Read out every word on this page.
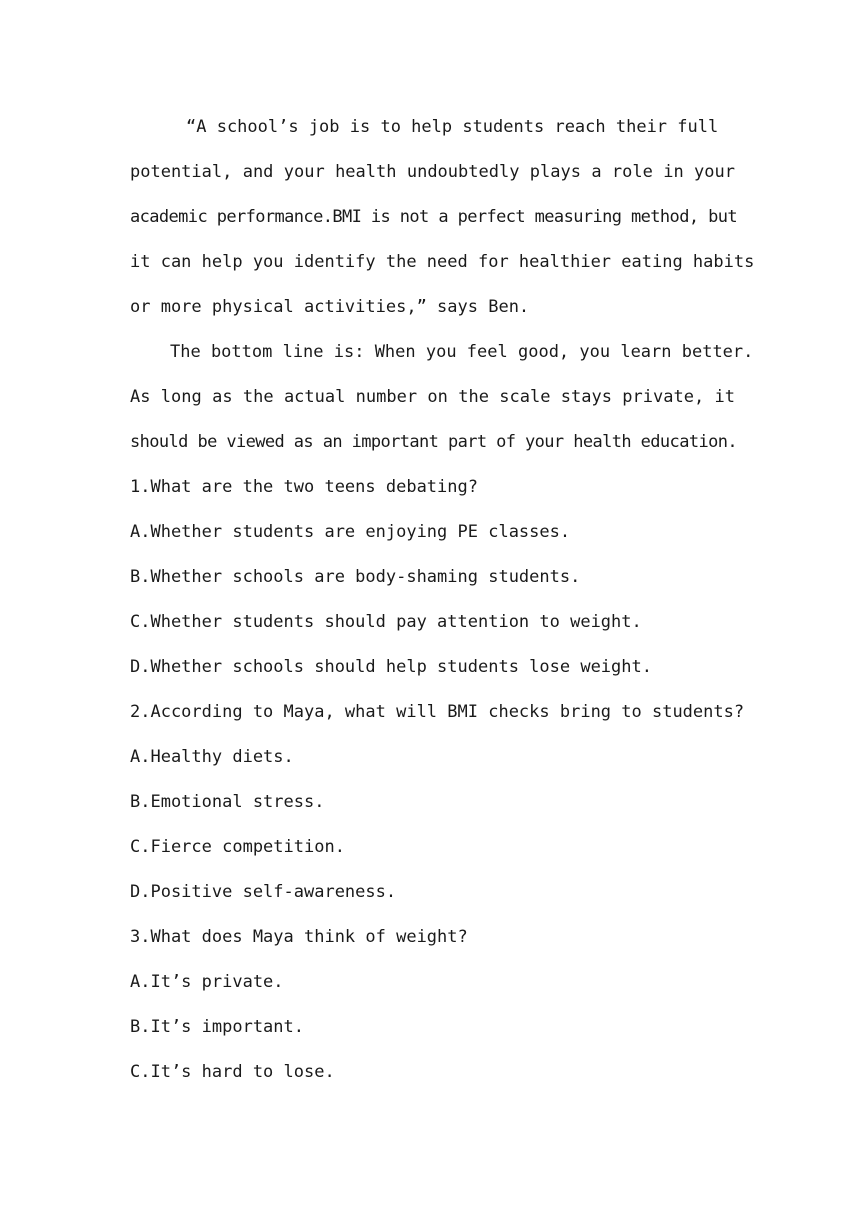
“A school’s job is to help students reach their full
potential, and your health undoubtedly plays a role in your
academic performance.BMI is not a perfect measuring method, but
it can help you identify the need for healthier eating habits
or more physical activities,” says Ben.
The bottom line is: When you feel good, you learn better.
As long as the actual number on the scale stays private, it
should be viewed as an important part of your health education.
1.What are the two teens debating?
A.Whether students are enjoying PE classes.
B.Whether schools are body-shaming students.
C.Whether students should pay attention to weight.
D.Whether schools should help students lose weight.
2.According to Maya, what will BMI checks bring to students?
A.Healthy diets.
B.Emotional stress.
C.Fierce competition.
D.Positive self-awareness.
3.What does Maya think of weight?
A.It’s private.
B.It’s important.
C.It’s hard to lose.
